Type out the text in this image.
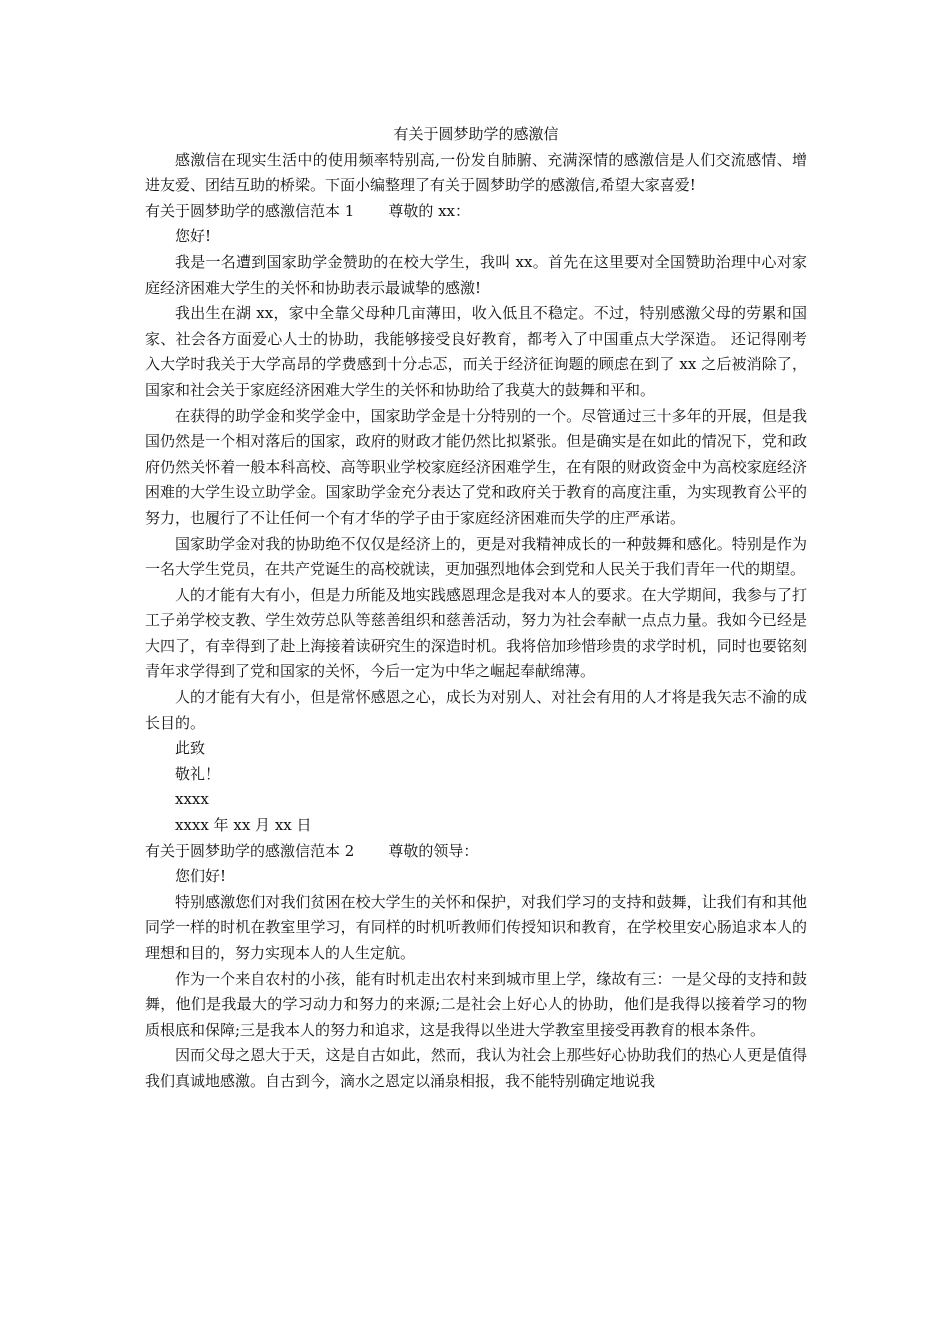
有关于圆梦助学的感激信

感激信在现实生活中的使用频率特别高,一份发自肺腑、充满深情的感激信是人们交流感情、增进友爱、团结互助的桥梁。下面小编整理了有关于圆梦助学的感激信,希望大家喜爱!

有关于圆梦助学的感激信范本 1 尊敬的 xx：

您好!

我是一名遭到国家助学金赞助的在校大学生，我叫 xx。首先在这里要对全国赞助治理中心对家庭经济困难大学生的关怀和协助表示最诚挚的感激!

我出生在湖 xx，家中全靠父母种几亩薄田，收入低且不稳定。不过，特别感激父母的劳累和国家、社会各方面爱心人士的协助，我能够接受良好教育，都考入了中国重点大学深造。 还记得刚考入大学时我关于大学高昂的学费感到十分忐忑，而关于经济征询题的顾虑在到了 xx 之后被消除了，国家和社会关于家庭经济困难大学生的关怀和协助给了我莫大的鼓舞和平和。

在获得的助学金和奖学金中，国家助学金是十分特别的一个。尽管通过三十多年的开展，但是我国仍然是一个相对落后的国家，政府的财政才能仍然比拟紧张。但是确实是在如此的情况下，党和政府仍然关怀着一般本科高校、高等职业学校家庭经济困难学生，在有限的财政资金中为高校家庭经济困难的大学生设立助学金。国家助学金充分表达了党和政府关于教育的高度注重，为实现教育公平的努力，也履行了不让任何一个有才华的学子由于家庭经济困难而失学的庄严承诺。

国家助学金对我的协助绝不仅仅是经济上的，更是对我精神成长的一种鼓舞和感化。特别是作为一名大学生党员，在共产党诞生的高校就读，更加强烈地体会到党和人民关于我们青年一代的期望。

人的才能有大有小，但是力所能及地实践感恩理念是我对本人的要求。在大学期间，我参与了打工子弟学校支教、学生效劳总队等慈善组织和慈善活动，努力为社会奉献一点点力量。我如今已经是大四了，有幸得到了赴上海接着读研究生的深造时机。我将倍加珍惜珍贵的求学时机，同时也要铭刻青年求学得到了党和国家的关怀，今后一定为中华之崛起奉献绵薄。

人的才能有大有小，但是常怀感恩之心，成长为对别人、对社会有用的人才将是我矢志不渝的成长目的。

此致

敬礼！

xxxx

xxxx 年 xx 月 xx 日

有关于圆梦助学的感激信范本 2 尊敬的领导：

您们好!

特别感激您们对我们贫困在校大学生的关怀和保护，对我们学习的支持和鼓舞，让我们有和其他同学一样的时机在教室里学习，有同样的时机听教师们传授知识和教育，在学校里安心肠追求本人的理想和目的，努力实现本人的人生定航。

作为一个来自农村的小孩，能有时机走出农村来到城市里上学，缘故有三：一是父母的支持和鼓舞，他们是我最大的学习动力和努力的来源;二是社会上好心人的协助，他们是我得以接着学习的物质根底和保障;三是我本人的努力和追求，这是我得以坐进大学教室里接受再教育的根本条件。

因而父母之恩大于天，这是自古如此，然而，我认为社会上那些好心协助我们的热心人更是值得我们真诚地感激。自古到今，滴水之恩定以涌泉相报，我不能特别确定地说我
